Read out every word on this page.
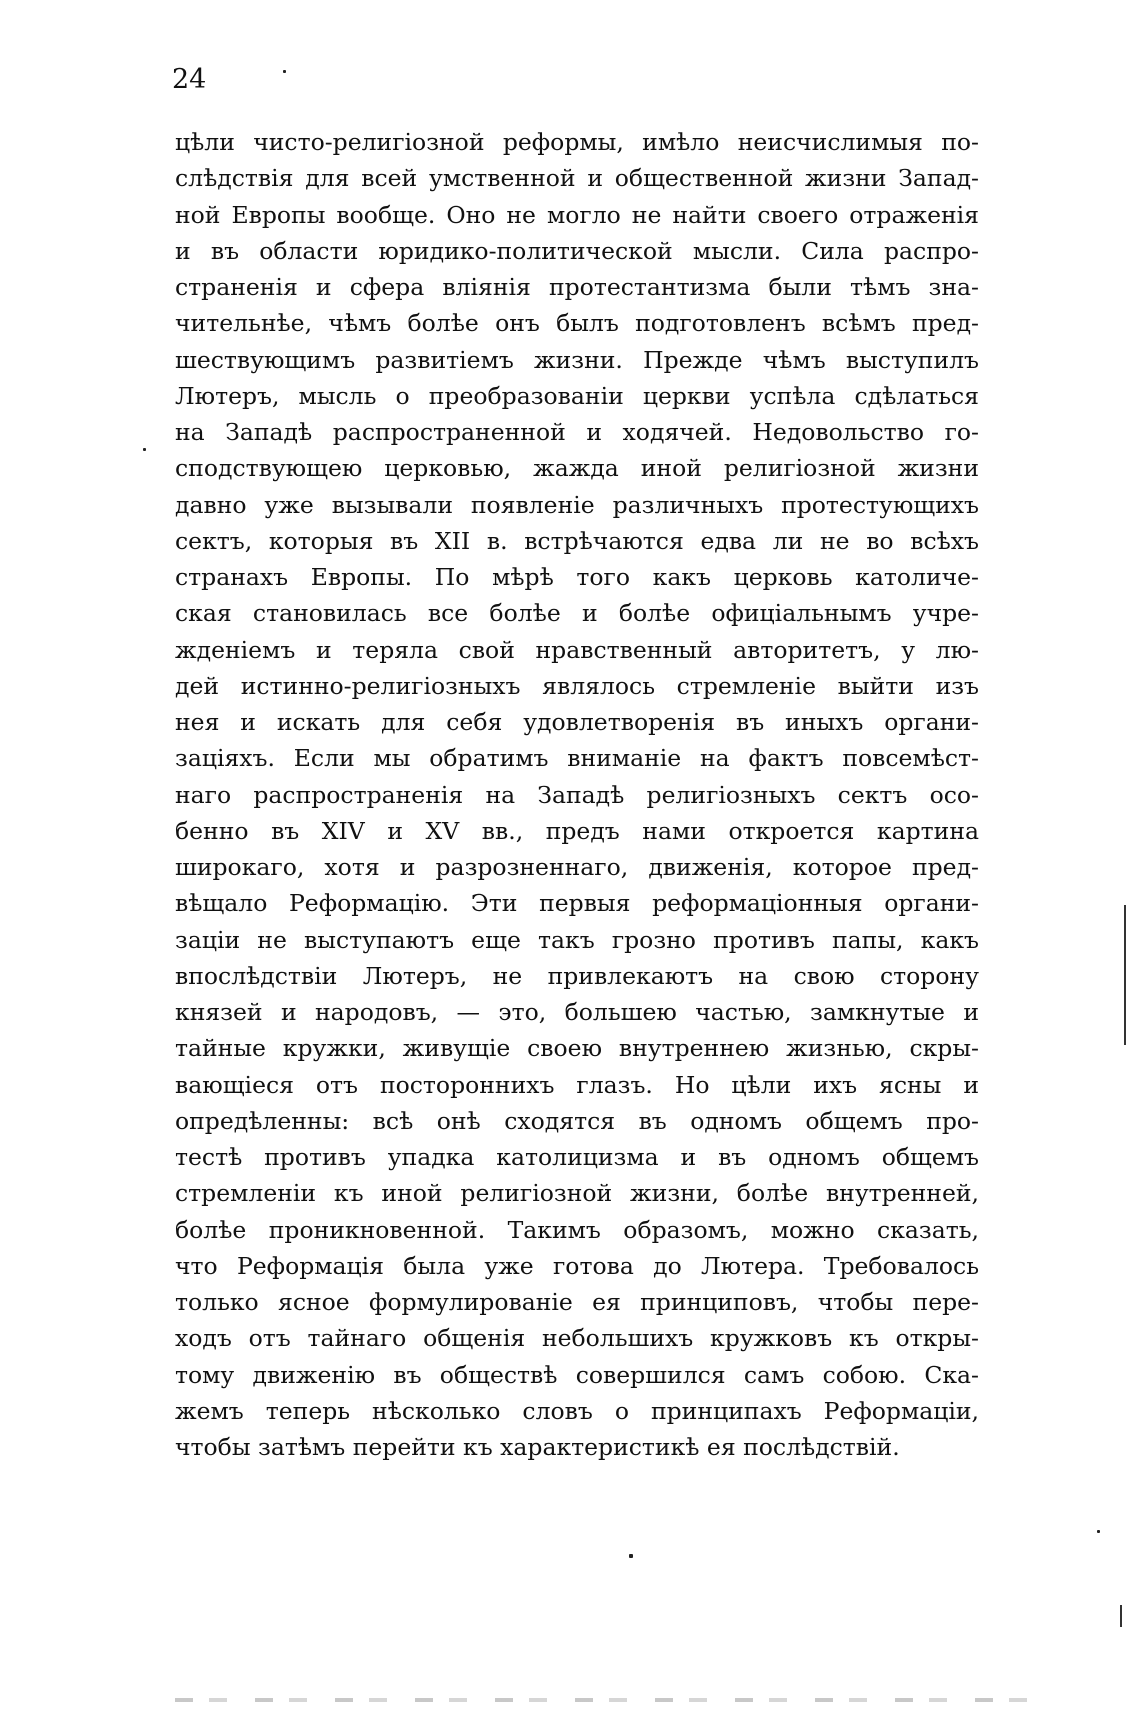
24
цѣли чисто-религіозной реформы, имѣло неисчислимыя по-
слѣдствія для всей умственной и общественной жизни Запад-
ной Европы вообще. Оно не могло не найти своего отраженія
и въ области юридико-политической мысли. Сила распро-
страненія и сфера вліянія протестантизма были тѣмъ зна-
чительнѣе, чѣмъ болѣе онъ былъ подготовленъ всѣмъ пред-
шествующимъ развитіемъ жизни. Прежде чѣмъ выступилъ
Лютеръ, мысль о преобразованіи церкви успѣла сдѣлаться
на Западѣ распространенной и ходячей. Недовольство го-
сподствующею церковью, жажда иной религіозной жизни
давно уже вызывали появленіе различныхъ протестующихъ
сектъ, которыя въ XII в. встрѣчаются едва ли не во всѣхъ
странахъ Европы. По мѣрѣ того какъ церковь католиче-
ская становилась все болѣе и болѣе офиціальнымъ учре-
жденіемъ и теряла свой нравственный авторитетъ, у лю-
дей истинно-религіозныхъ являлось стремленіе выйти изъ
нея и искать для себя удовлетворенія въ иныхъ органи-
заціяхъ. Если мы обратимъ вниманіе на фактъ повсемѣст-
наго распространенія на Западѣ религіозныхъ сектъ осо-
бенно въ XIV и XV вв., предъ нами откроется картина
широкаго, хотя и разрозненнаго, движенія, которое пред-
вѣщало Реформацію. Эти первыя реформаціонныя органи-
заціи не выступаютъ еще такъ грозно противъ папы, какъ
впослѣдствіи Лютеръ, не привлекаютъ на свою сторону
князей и народовъ, — это, большею частью, замкнутые и
тайные кружки, живущіе своею внутреннею жизнью, скры-
вающіеся отъ постороннихъ глазъ. Но цѣли ихъ ясны и
опредѣленны: всѣ онѣ сходятся въ одномъ общемъ про-
тестѣ противъ упадка католицизма и въ одномъ общемъ
стремленіи къ иной религіозной жизни, болѣе внутренней,
болѣе проникновенной. Такимъ образомъ, можно сказать,
что Реформація была уже готова до Лютера. Требовалось
только ясное формулированіе ея принциповъ, чтобы пере-
ходъ отъ тайнаго общенія небольшихъ кружковъ къ откры-
тому движенію въ обществѣ совершился самъ собою. Ска-
жемъ теперь нѣсколько словъ о принципахъ Реформаціи,
чтобы затѣмъ перейти къ характеристикѣ ея послѣдствій.
